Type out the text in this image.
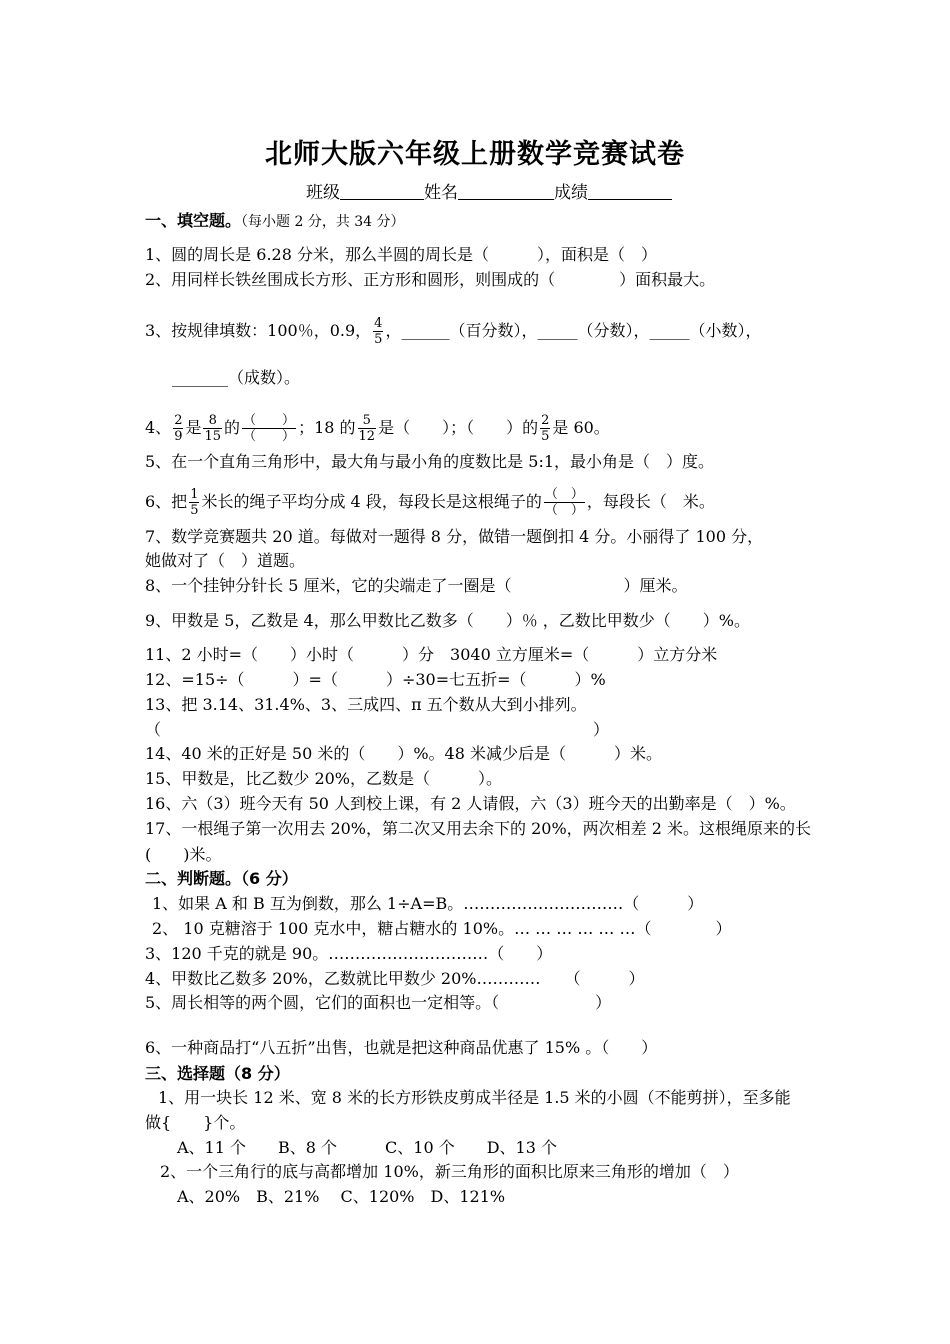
北师大版六年级上册数学竞赛试卷
班级	姓名	成绩
一、填空题。（每小题 2 分，共 34 分）
1、圆的周长是 6.28 分米，那么半圆的周长是（　　　），面积是（　）
2、用同样长铁丝围成长方形、正方形和圆形，则围成的（　　　　）面积最大。
3、按规律填数：100％，0.9， $\frac{4}{5}$ ，______（百分数），_____（分数），_____（小数），
_______（成数）。
4、 $\frac{2}{9}$ 是 $\frac{8}{15}$ 的 $\frac{( )}{( )}$ ；18 的 $\frac{5}{12}$ 是（　　）；（　　）的 $\frac{2}{5}$ 是 60。
5、在一个直角三角形中，最大角与最小角的度数比是 5:1，最小角是（　）度。
6、把 $\frac{1}{5}$ 米长的绳子平均分成 4 段，每段长是这根绳子的 $\frac{( )}{( )}$ ，每段长（　米。
7、数学竞赛题共 20 道。每做对一题得 8 分，做错一题倒扣 4 分。小丽得了 100 分，
她做对了（　）道题。
8、一个挂钟分针长 5 厘米，它的尖端走了一圈是（　　　　　　　）厘米。
9、甲数是 5，乙数是 4，那么甲数比乙数多（　　）％ ，乙数比甲数少（　　）%。
11、2 小时=（　　）小时（　　　）分　3040 立方厘米=（　　　）立方分米
12、=15÷（　　　）=（　　　）÷30=七五折=（　　　）%
13、把 3.14、31.4%、3、三成四、π 五个数从大到小排列。
（　　　　　　　　　　　　　　　　　　　　　　　　　　　）
14、40 米的正好是 50 米的（　　）%。48 米减少后是（　　　）米。
15、甲数是，比乙数少 20%，乙数是（　　　）。
16、六（3）班今天有 50 人到校上课，有 2 人请假，六（3）班今天的出勤率是（　）%。
17、一根绳子第一次用去 20%，第二次又用去余下的 20%，两次相差 2 米。这根绳原来的长
(　　)米。
二、判断题。（6 分）
1、如果 A 和 B 互为倒数，那么 1÷A=B。…………………………（　　　）
2、 10 克糖溶于 100 克水中，糖占糖水的 10%。… … … … … …（　　　　）
3、120 千克的就是 90。…………………………（　　）
4、甲数比乙数多 20%，乙数就比甲数少 20%…………　　（　　　）
5、周长相等的两个圆，它们的面积也一定相等。（　　　　　　）
6、一种商品打“八五折”出售，也就是把这种商品优惠了 15% 。（　　）
三、选择题（8 分）
1、用一块长 12 米、宽 8 米的长方形铁皮剪成半径是 1.5 米的小圆（不能剪拼），至多能
做{　　}个。
A、11 个　　B、8 个　　　C、10 个　　D、13 个
2、一个三角行的底与高都增加 10%，新三角形的面积比原来三角形的增加（　）
A、20%　B、21%　 C、120%　D、121%
